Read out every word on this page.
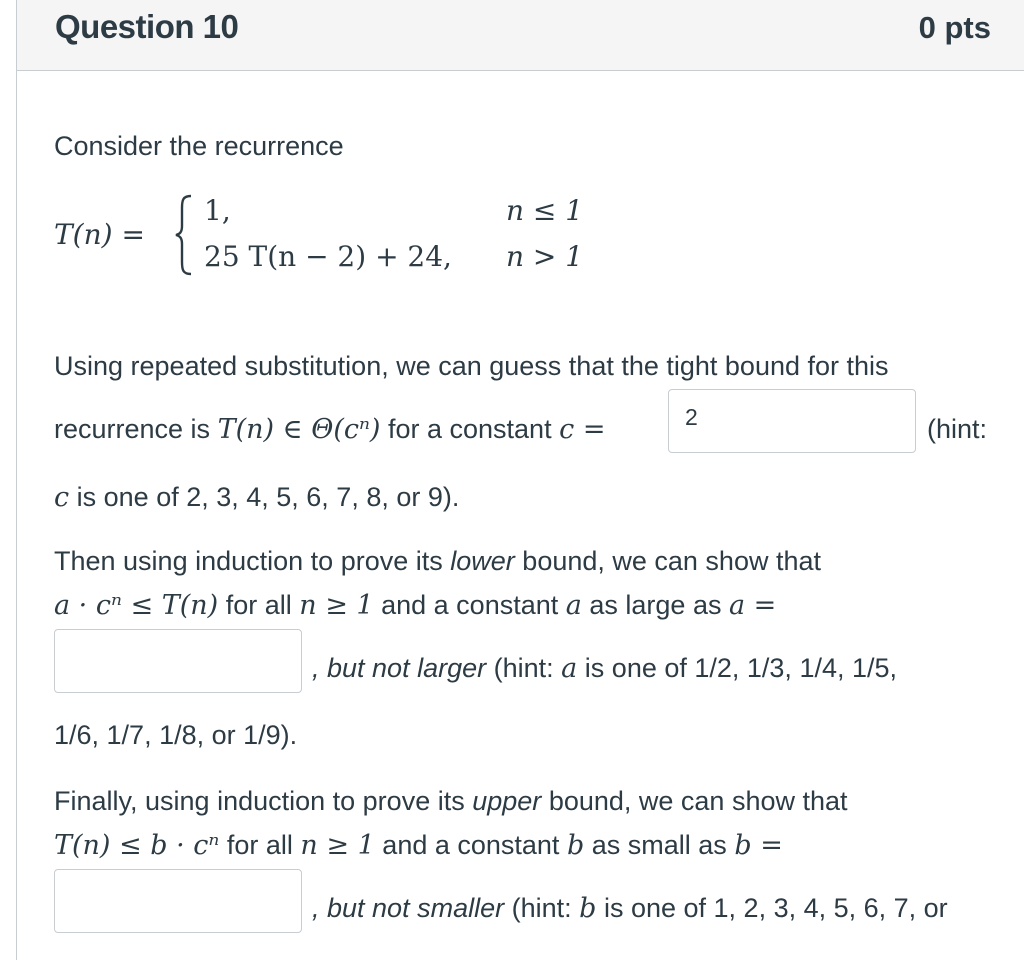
Question 10	0 pts
Consider the recurrence
T(n) =
1,	n ≤ 1
25 T(n − 2) + 24, n > 1
Using repeated substitution, we can guess that the tight bound for this
recurrence is T(n) ∈ Θ(cⁿ) for a constant c =	2	(hint:
c is one of 2, 3, 4, 5, 6, 7, 8, or 9).
Then using induction to prove its lower bound, we can show that
a · cⁿ ≤ T(n) for all n ≥ 1 and a constant a as large as a =
, but not larger (hint: a is one of 1/2, 1/3, 1/4, 1/5,
1/6, 1/7, 1/8, or 1/9).
Finally, using induction to prove its upper bound, we can show that
T(n) ≤ b · cⁿ for all n ≥ 1 and a constant b as small as b =
, but not smaller (hint: b is one of 1, 2, 3, 4, 5, 6, 7, or
